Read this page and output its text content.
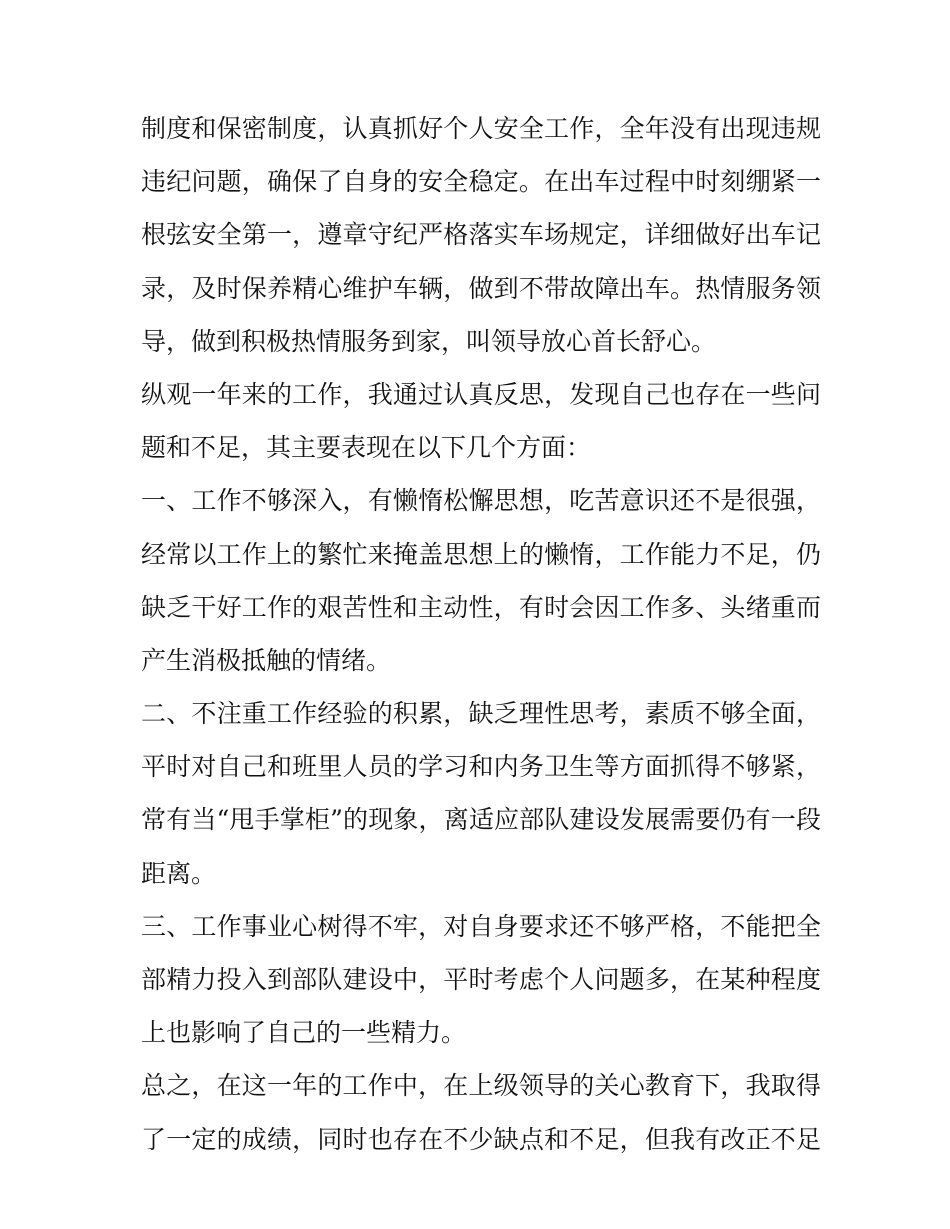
制度和保密制度，认真抓好个人安全工作，全年没有出现违规
违纪问题，确保了自身的安全稳定。在出车过程中时刻绷紧一
根弦安全第一，遵章守纪严格落实车场规定，详细做好出车记
录，及时保养精心维护车辆，做到不带故障出车。热情服务领
导，做到积极热情服务到家，叫领导放心首长舒心。
纵观一年来的工作，我通过认真反思，发现自己也存在一些问
题和不足，其主要表现在以下几个方面：
一、工作不够深入，有懒惰松懈思想，吃苦意识还不是很强，
经常以工作上的繁忙来掩盖思想上的懒惰，工作能力不足，仍
缺乏干好工作的艰苦性和主动性，有时会因工作多、头绪重而
产生消极抵触的情绪。
二、不注重工作经验的积累，缺乏理性思考，素质不够全面，
平时对自己和班里人员的学习和内务卫生等方面抓得不够紧，
常有当“甩手掌柜”的现象，离适应部队建设发展需要仍有一段
距离。
三、工作事业心树得不牢，对自身要求还不够严格，不能把全
部精力投入到部队建设中，平时考虑个人问题多，在某种程度
上也影响了自己的一些精力。
总之，在这一年的工作中，在上级领导的关心教育下，我取得
了一定的成绩，同时也存在不少缺点和不足，但我有改正不足
